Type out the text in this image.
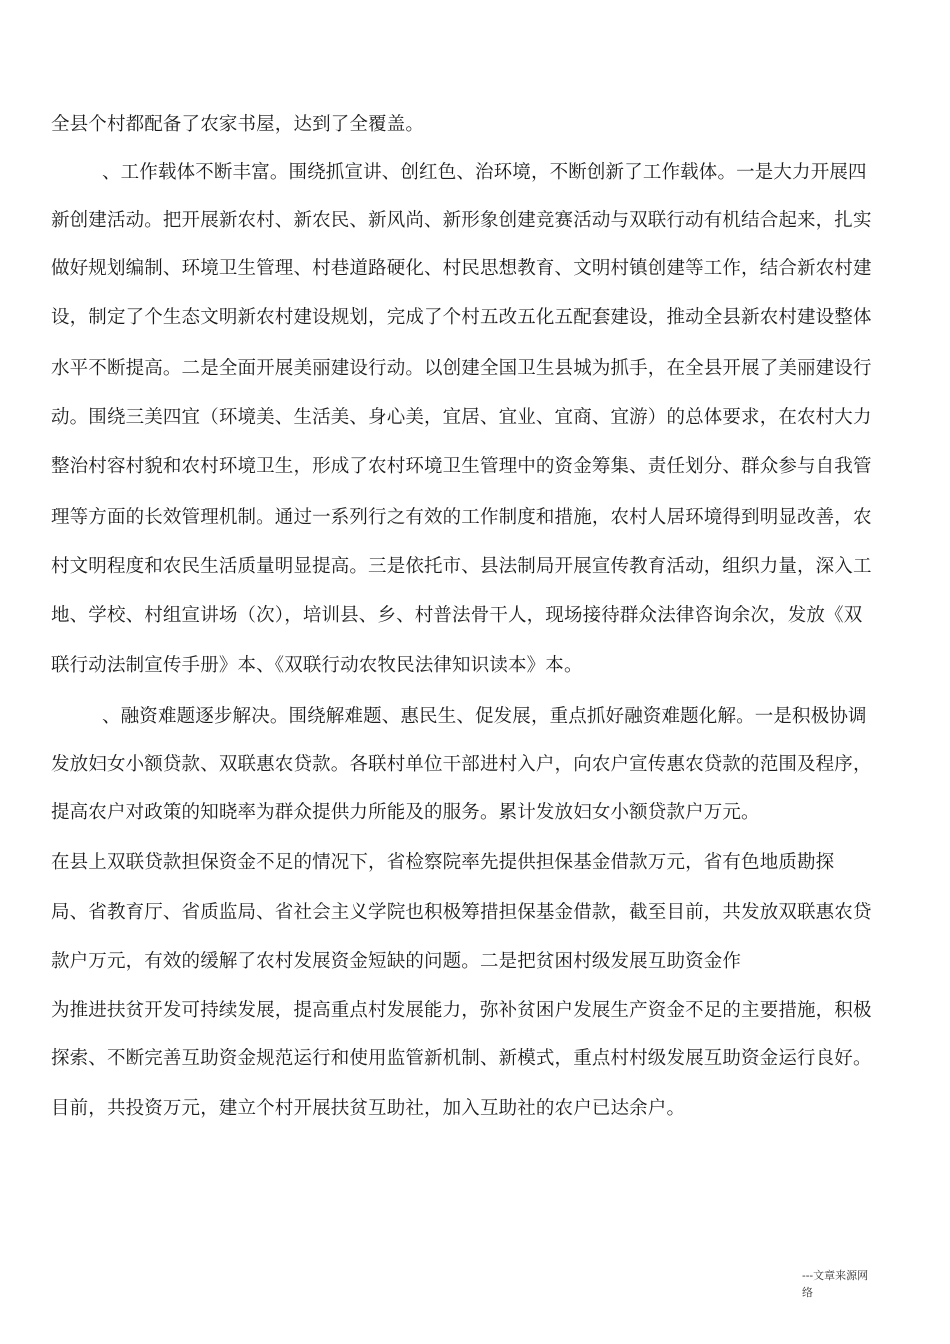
全县个村都配备了农家书屋，达到了全覆盖。
、工作载体不断丰富。围绕抓宣讲、创红色、治环境，不断创新了工作载体。一是大力开展四
新创建活动。把开展新农村、新农民、新风尚、新形象创建竞赛活动与双联行动有机结合起来，扎实
做好规划编制、环境卫生管理、村巷道路硬化、村民思想教育、文明村镇创建等工作，结合新农村建
设，制定了个生态文明新农村建设规划，完成了个村五改五化五配套建设，推动全县新农村建设整体
水平不断提高。二是全面开展美丽建设行动。以创建全国卫生县城为抓手，在全县开展了美丽建设行
动。围绕三美四宜（环境美、生活美、身心美，宜居、宜业、宜商、宜游）的总体要求，在农村大力
整治村容村貌和农村环境卫生，形成了农村环境卫生管理中的资金筹集、责任划分、群众参与自我管
理等方面的长效管理机制。通过一系列行之有效的工作制度和措施，农村人居环境得到明显改善，农
村文明程度和农民生活质量明显提高。三是依托市、县法制局开展宣传教育活动，组织力量，深入工
地、学校、村组宣讲场（次），培训县、乡、村普法骨干人，现场接待群众法律咨询余次，发放《双
联行动法制宣传手册》本、《双联行动农牧民法律知识读本》本。
、融资难题逐步解决。围绕解难题、惠民生、促发展，重点抓好融资难题化解。一是积极协调
发放妇女小额贷款、双联惠农贷款。各联村单位干部进村入户，向农户宣传惠农贷款的范围及程序，
提高农户对政策的知晓率为群众提供力所能及的服务。累计发放妇女小额贷款户万元。
在县上双联贷款担保资金不足的情况下，省检察院率先提供担保基金借款万元，省有色地质勘探
局、省教育厅、省质监局、省社会主义学院也积极筹措担保基金借款，截至目前，共发放双联惠农贷
款户万元，有效的缓解了农村发展资金短缺的问题。二是把贫困村级发展互助资金作
为推进扶贫开发可持续发展，提高重点村发展能力，弥补贫困户发展生产资金不足的主要措施，积极
探索、不断完善互助资金规范运行和使用监管新机制、新模式，重点村村级发展互助资金运行良好。
目前，共投资万元，建立个村开展扶贫互助社，加入互助社的农户已达余户。
---文章来源网
络
